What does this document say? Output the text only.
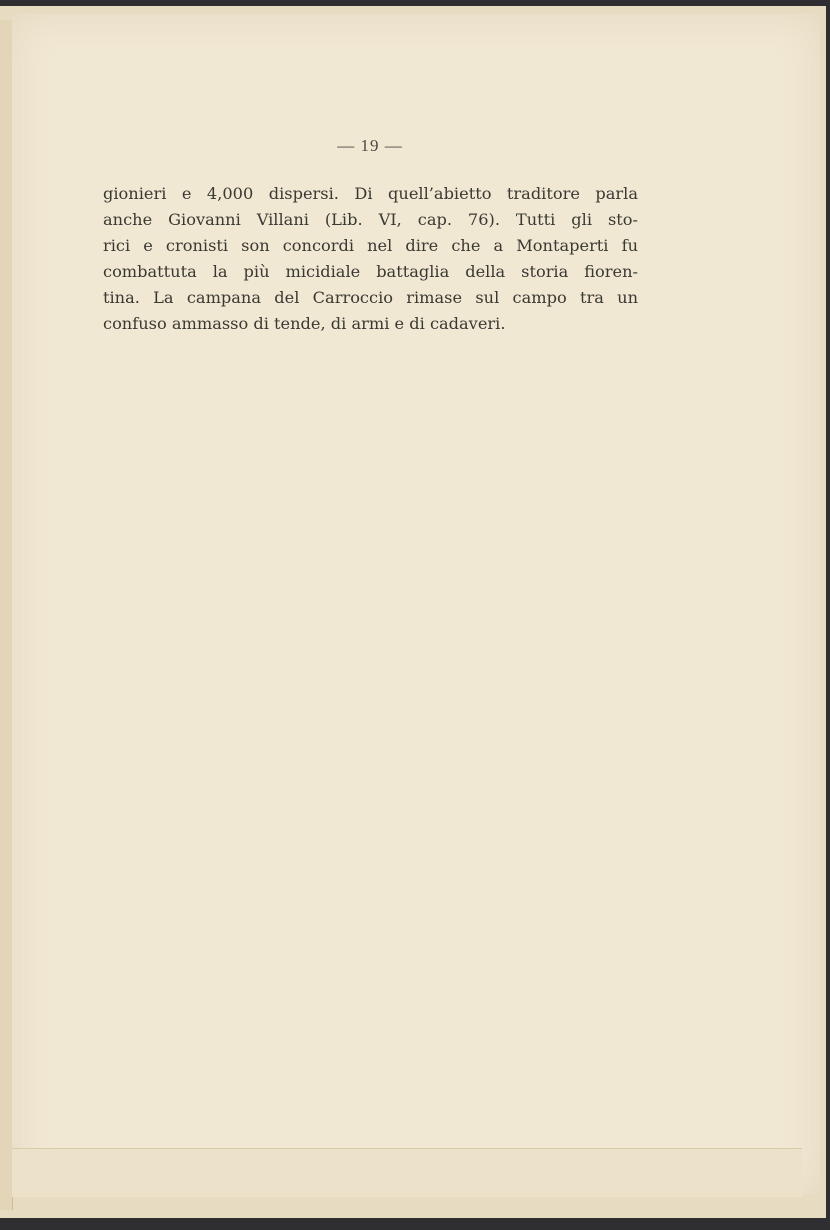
— 19 —
gionieri e 4,000 dispersi. Di quell’abietto traditore parla
anche Giovanni Villani (Lib. VI, cap. 76). Tutti gli sto-
rici e cronisti son concordi nel dire che a Montaperti fu
combattuta la più micidiale battaglia della storia fioren-
tina. La campana del Carroccio rimase sul campo tra un
confuso ammasso di tende, di armi e di cadaveri.
